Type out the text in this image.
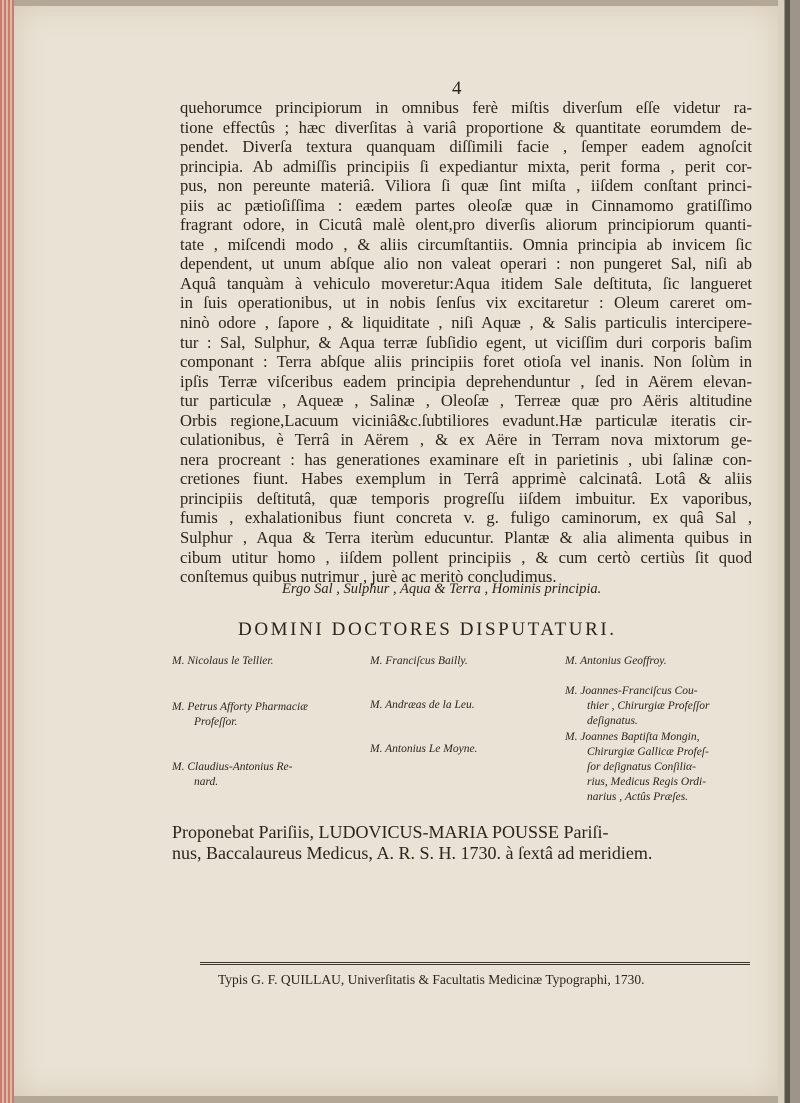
4
quehorumce principiorum in omnibus ferè miſtis diverſum eſſe videtur ra-
tione effectûs ; hæc diverſitas à variâ proportione & quantitate eorumdem de-
pendet. Diverſa textura quanquam diſſimili facie , ſemper eadem agnoſcit
principia. Ab admiſſis principiis ſi expediantur mixta, perit forma , perit cor-
pus, non pereunte materiâ. Viliora ſi quæ ſint miſta , iiſdem conſtant princi-
piis ac pætioſiſſima : eædem partes oleoſæ quæ in Cinnamomo gratiſſimo
fragrant odore, in Cicutâ malè olent,pro diverſis aliorum principiorum quanti-
tate , miſcendi modo , & aliis circumſtantiis. Omnia principia ab invicem ſic
dependent, ut unum abſque alio non valeat operari : non pungeret Sal, niſi ab
Aquâ tanquàm à vehiculo moveretur:Aqua itidem Sale deſtituta, ſic langueret
in ſuis operationibus, ut in nobis ſenſus vix excitaretur : Oleum careret om-
ninò odore , ſapore , & liquiditate , niſi Aquæ , & Salis particulis intercipere-
tur : Sal, Sulphur, & Aqua terræ ſubſidio egent, ut viciſſim duri corporis baſim
componant : Terra abſque aliis principiis foret otioſa vel inanis. Non ſolùm in
ipſis Terræ viſceribus eadem principia deprehenduntur , ſed in Aërem elevan-
tur particulæ , Aqueæ , Salinæ , Oleoſæ , Terreæ quæ pro Aëris altitudine
Orbis regione,Lacuum viciniâ&c.ſubtiliores evadunt.Hæ particulæ iteratis cir-
culationibus, è Terrâ in Aërem , & ex Aëre in Terram nova mixtorum ge-
nera procreant : has generationes examinare eſt in parietinis , ubi ſalinæ con-
cretiones fiunt. Habes exemplum in Terrâ apprimè calcinatâ. Lotâ & aliis
principiis deſtitutâ, quæ temporis progreſſu iiſdem imbuitur. Ex vaporibus,
fumis , exhalationibus fiunt concreta v. g. fuligo caminorum, ex quâ Sal ,
Sulphur , Aqua & Terra iterùm educuntur. Plantæ & alia alimenta quibus in
cibum utitur homo , iiſdem pollent principiis , & cum certò certiùs ſit quod
conſtemus quibus nutrimur , jurè ac meritò concludimus.
Ergo Sal , Sulphur , Aqua & Terra , Hominis principia.
DOMINI DOCTORES DISPUTATURI.
M. Nicolaus le Tellier.
M. Petrus Afforty Pharmaciæ
Profeſſor.
M. Claudius-Antonius Re-
nard.
M. Franciſcus Bailly.
M. Andræas de la Leu.
M. Antonius Le Moyne.
M. Antonius Geoffroy.
M. Joannes-Franciſcus Cou-
thier , Chirurgiæ Profeſſor
deſignatus.
M. Joannes Baptiſta Mongin,
Chirurgiæ Gallicæ Profeſ-
ſor deſignatus Conſiliα-
rius, Medicus Regis Ordi-
narius , Actûs Præſes.
Proponebat Pariſiis, LUDOVICUS-MARIA POUSSE Pariſi-
nus, Baccalaureus Medicus, A. R. S. H. 1730. à ſextâ ad meridiem.
Typis G. F. QUILLAU, Univerſitatis & Facultatis Medicinæ Typographi, 1730.
